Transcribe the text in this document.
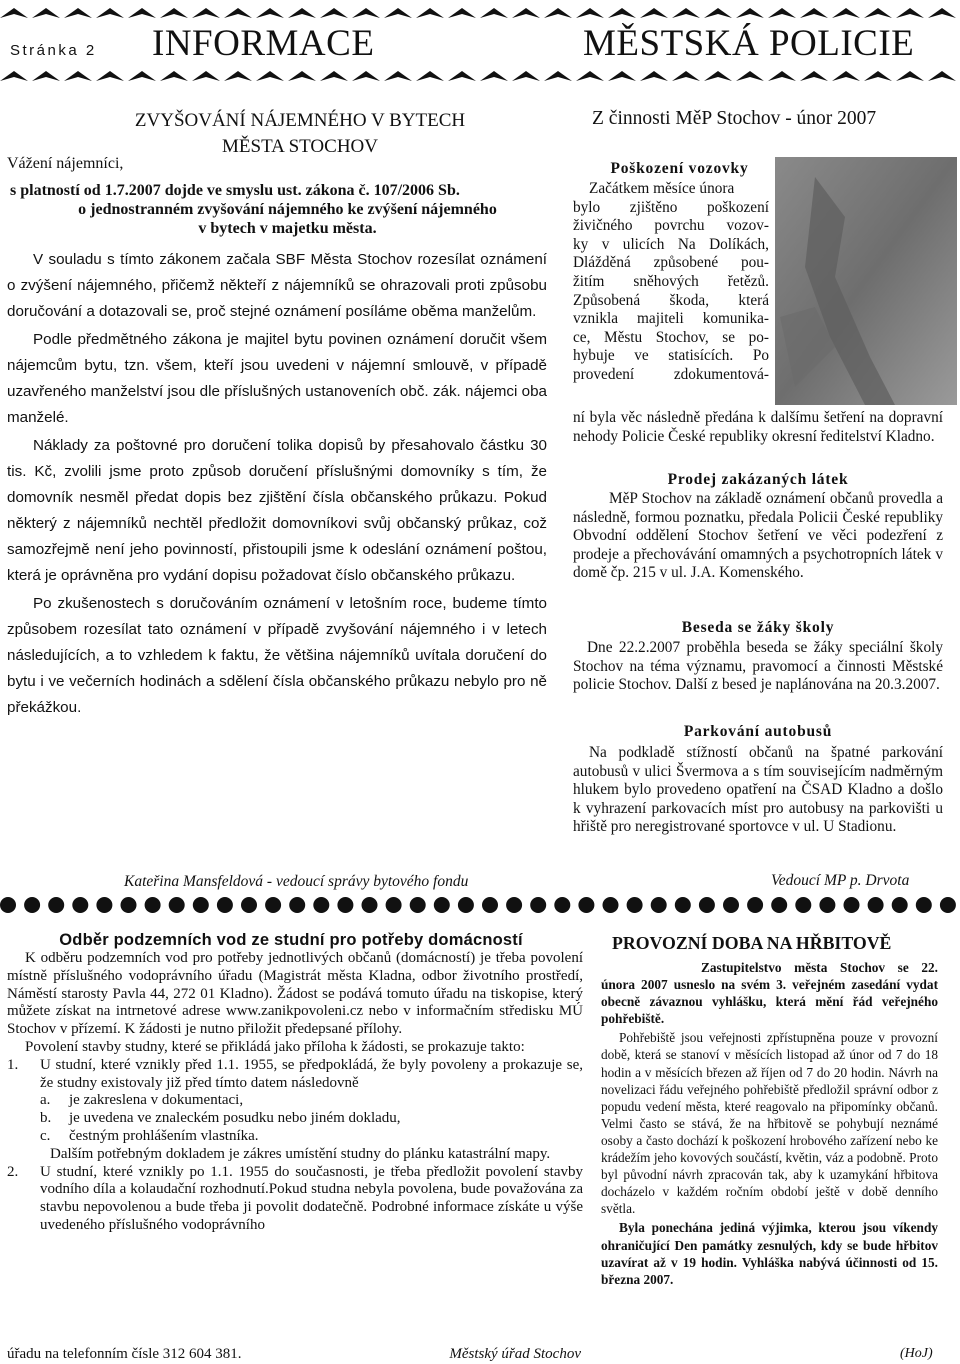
Stránka 2 INFORMACE	MĚSTSKÁ POLICIE
ZVYŠOVÁNÍ NÁJEMNÉHO V BYTECH
MĚSTA STOCHOV
Vážení nájemníci,
s platností od 1.7.2007 dojde ve smyslu ust. zákona č. 107/2006 Sb.
o jednostranném zvyšování nájemného ke zvýšení nájemného
v bytech v majetku města.

V souladu s tímto zákonem začala SBF Města Stochov rozesílat oznámení o zvýšení nájemného, přičemž někteří z nájemníků se ohrazovali proti způsobu doručování a dotazovali se, proč stejné oznámení posíláme oběma manželům.

Podle předmětného zákona je majitel bytu povinen oznámení doručit všem nájemcům bytu, tzn. všem, kteří jsou uvedeni v nájemní smlouvě, v případě uzavřeného manželství jsou dle příslušných ustanoveních obč. zák. nájemci oba manželé.

Náklady za poštovné pro doručení tolika dopisů by přesahovalo částku 30 tis. Kč, zvolili jsme proto způsob doručení příslušnými domovníky s tím, že domovník nesměl předat dopis bez zjištění čísla občanského průkazu. Pokud některý z nájemníků nechtěl předložit domovníkovi svůj občanský průkaz, což samozřejmě není jeho povinností, přistoupili jsme k odeslání oznámení poštou, která je oprávněna pro vydání dopisu požadovat číslo občanského průkazu.

Po zkušenostech s doručováním oznámení v letošním roce, budeme tímto způsobem rozesílat tato oznámení v případě zvyšování nájemného i v letech následujících, a to vzhledem k faktu, že většina nájemníků uvítala doručení do bytu i ve večerních hodinách a sdělení čísla občanského průkazu nebylo pro ně překážkou.

Kateřina Mansfeldová - vedoucí správy bytového fondu
Z činnosti MěP Stochov - únor 2007
Poškození vozovky
Začátkem měsíce února
bylo zjištěno poškození
živičného povrchu vozov-
ky v ulicích Na Dolíkách,
Dlážděná způsobené pou-
žitím sněhových řetězů.
Způsobená škoda, která
vznikla majiteli komunika-
ce, Městu Stochov, se po-
hybuje ve statisících. Po
provedení zdokumentová-
ní byla věc následně předána k dalšímu šetření na dopravní nehody Policie České republiky okresní ředitelství Kladno.
Prodej zakázaných látek
MěP Stochov na základě oznámení občanů provedla a následně, formou poznatku, předala Policii České republiky Obvodní oddělení Stochov šetření ve věci podezření z prodeje a přechovávání omamných a psychotropních látek v domě čp. 215 v ul. J.A. Komenského.
Beseda se žáky školy
Dne 22.2.2007 proběhla beseda se žáky speciální školy Stochov na téma významu, pravomocí a činnosti Městské policie Stochov. Další z besed je naplánována na 20.3.2007.
Parkování autobusů
Na podkladě stížností občanů na špatné parkování autobusů v ulici Švermova a s tím souvisejícím nadměrným hlukem bylo provedeno opatření na ČSAD Kladno a došlo k vyhrazení parkovacích míst pro autobusy na parkovišti u hřiště pro neregistrované sportovce v ul. U Stadionu.
Vedoucí MP p. Drvota
Odběr podzemních vod ze studní pro potřeby domácností

K odběru podzemních vod pro potřeby jednotlivých občanů (domácností) je třeba povolení místně příslušného vodoprávního úřadu (Magistrát města Kladna, odbor životního prostředí, Náměstí starosty Pavla 44, 272 01 Kladno). Žádost se podává tomuto úřadu na tiskopise, který můžete získat na intrnetové adrese www.zanikpovoleni.cz nebo v informačním středisku MÚ Stochov v přízemí. K žádosti je nutno přiložit předepsané přílohy.

Povolení stavby studny, které se přikládá jako příloha k žádosti, se prokazuje takto:

1.	U studní, které vznikly před 1.1. 1955, se předpokládá, že byly povoleny a prokazuje se, že studny existovaly již před tímto datem následovně
a.	je zakreslena v dokumentaci,
b.	je uvedena ve znaleckém posudku nebo jiném dokladu,
c.	čestným prohlášením vlastníka.

Dalším potřebným dokladem je zákres umístění studny do plánku katastrální mapy.

2.	U studní, které vznikly po 1.1. 1955 do současnosti, je třeba předložit povolení stavby vodního díla a kolaudační rozhodnutí.Pokud studna nebyla povolena, bude považována za stavbu nepovolenou a bude třeba ji povolit dodatečně. Podrobné informace získáte u výše uvedeného příslušného vodoprávního
úřadu na telefonním čísle 312 604 381.	Městský úřad Stochov
PROVOZNÍ DOBA NA HŘBITOVĚ

Zastupitelstvo města Stochov se 22. února 2007 usneslo na svém 3. veřejném zasedání vydat obecně závaznou vyhlášku, která mění řád veřejného pohřebiště.

Pohřebiště jsou veřejnosti zpřístupněna pouze v provozní době, která se stanoví v měsících listopad až únor od 7 do 18 hodin a v měsících březen až říjen od 7 do 20 hodin. Návrh na novelizaci řádu veřejného pohřebiště předložil správní odbor z popudu vedení města, které reagovalo na připomínky občanů. Velmi často se stává, že na hřbitově se pohybují neznámé osoby a často dochází k poškození hrobového zařízení nebo ke krádežím jeho kovových součástí, květin, váz a podobně. Proto byl původní návrh zpracován tak, aby k uzamykání hřbitova docházelo v každém ročním období ještě v době denního světla.

Byla ponechána jediná výjimka, kterou jsou víkendy ohraničující Den památky zesnulých, kdy se bude hřbitov uzavírat až v 19 hodin. Vyhláška nabývá účinnosti od 15. března 2007.

(HoJ)
